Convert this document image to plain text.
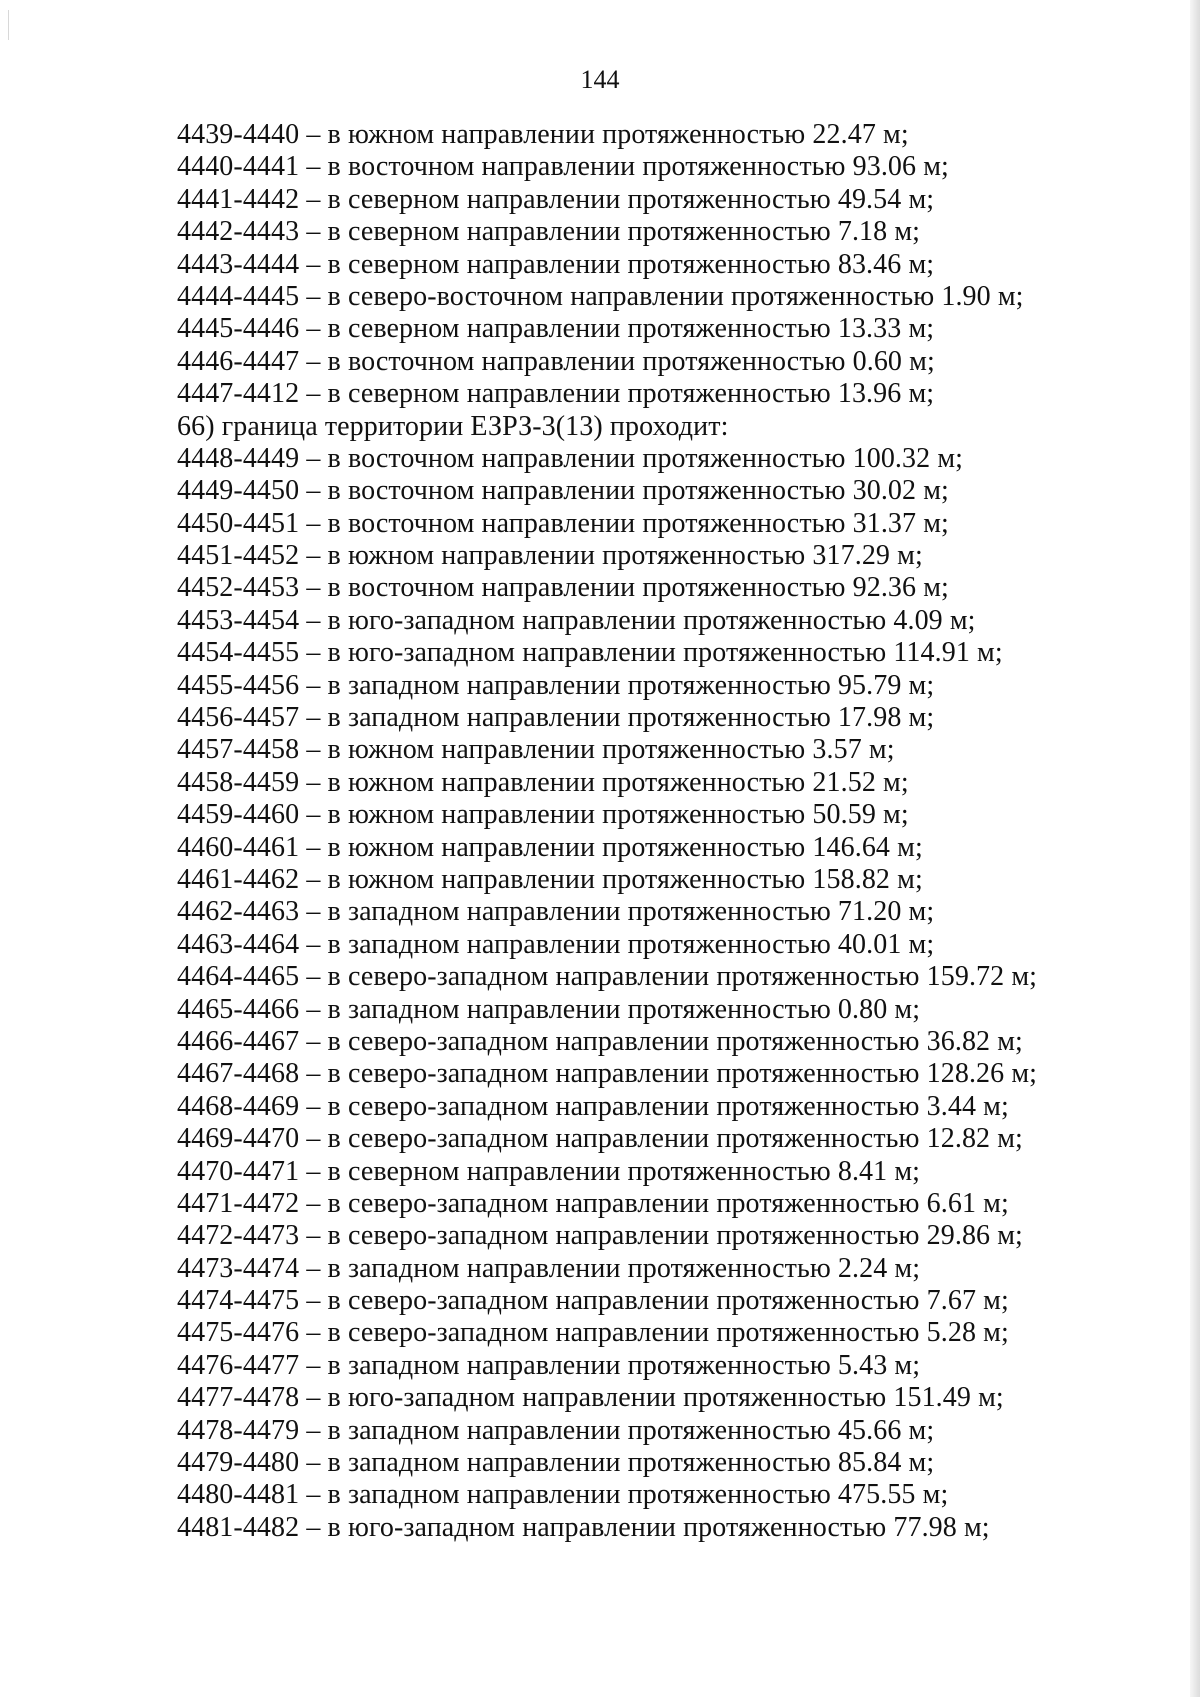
144
4439-4440 – в южном направлении протяженностью 22.47 м;
4440-4441 – в восточном направлении протяженностью 93.06 м;
4441-4442 – в северном направлении протяженностью 49.54 м;
4442-4443 – в северном направлении протяженностью 7.18 м;
4443-4444 – в северном направлении протяженностью 83.46 м;
4444-4445 – в северо-восточном направлении протяженностью 1.90 м;
4445-4446 – в северном направлении протяженностью 13.33 м;
4446-4447 – в восточном направлении протяженностью 0.60 м;
4447-4412 – в северном направлении протяженностью 13.96 м;
66) граница территории ЕЗРЗ-3(13) проходит:
4448-4449 – в восточном направлении протяженностью 100.32 м;
4449-4450 – в восточном направлении протяженностью 30.02 м;
4450-4451 – в восточном направлении протяженностью 31.37 м;
4451-4452 – в южном направлении протяженностью 317.29 м;
4452-4453 – в восточном направлении протяженностью 92.36 м;
4453-4454 – в юго-западном направлении протяженностью 4.09 м;
4454-4455 – в юго-западном направлении протяженностью 114.91 м;
4455-4456 – в западном направлении протяженностью 95.79 м;
4456-4457 – в западном направлении протяженностью 17.98 м;
4457-4458 – в южном направлении протяженностью 3.57 м;
4458-4459 – в южном направлении протяженностью 21.52 м;
4459-4460 – в южном направлении протяженностью 50.59 м;
4460-4461 – в южном направлении протяженностью 146.64 м;
4461-4462 – в южном направлении протяженностью 158.82 м;
4462-4463 – в западном направлении протяженностью 71.20 м;
4463-4464 – в западном направлении протяженностью 40.01 м;
4464-4465 – в северо-западном направлении протяженностью 159.72 м;
4465-4466 – в западном направлении протяженностью 0.80 м;
4466-4467 – в северо-западном направлении протяженностью 36.82 м;
4467-4468 – в северо-западном направлении протяженностью 128.26 м;
4468-4469 – в северо-западном направлении протяженностью 3.44 м;
4469-4470 – в северо-западном направлении протяженностью 12.82 м;
4470-4471 – в северном направлении протяженностью 8.41 м;
4471-4472 – в северо-западном направлении протяженностью 6.61 м;
4472-4473 – в северо-западном направлении протяженностью 29.86 м;
4473-4474 – в западном направлении протяженностью 2.24 м;
4474-4475 – в северо-западном направлении протяженностью 7.67 м;
4475-4476 – в северо-западном направлении протяженностью 5.28 м;
4476-4477 – в западном направлении протяженностью 5.43 м;
4477-4478 – в юго-западном направлении протяженностью 151.49 м;
4478-4479 – в западном направлении протяженностью 45.66 м;
4479-4480 – в западном направлении протяженностью 85.84 м;
4480-4481 – в западном направлении протяженностью 475.55 м;
4481-4482 – в юго-западном направлении протяженностью 77.98 м;
